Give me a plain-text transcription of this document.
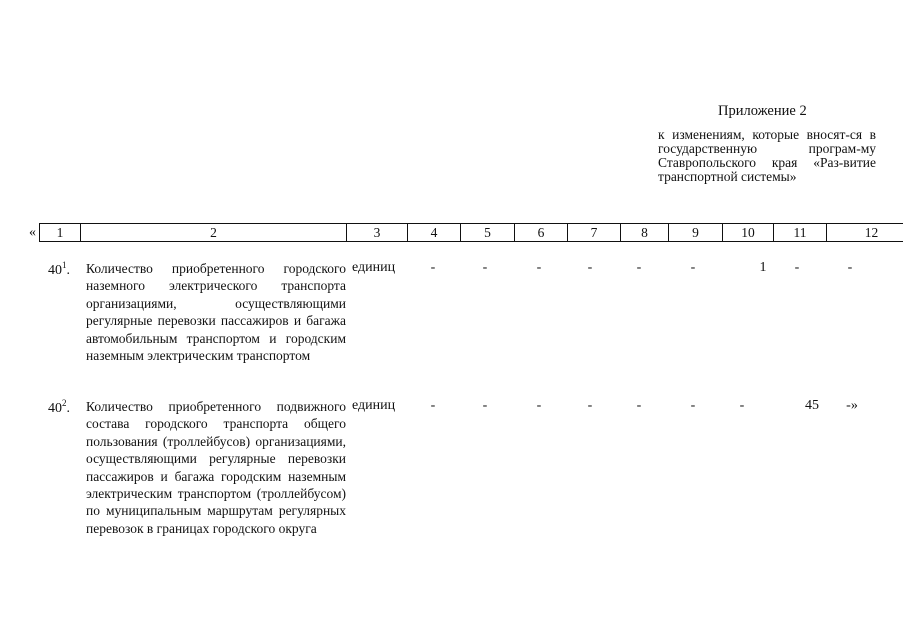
Приложение 2
к изменениям, которые вносят-ся в государственную програм-му Ставропольского края «Раз-витие транспортной системы»
« 1	2	3	4	5	6	7	8	9	10	11	12
$40^1$. Количество приобретенного городского наземного электрического транспорта организациями, осуществляющими регулярные перевозки пассажиров и багажа автомобильным транспортом и городским наземным электрическим транспортом
единиц	-	-	-	-	-	-	1	-	-
$40^2$. Количество приобретенного подвижного состава городского транспорта общего пользования (троллейбусов) организациями, осуществляющими регулярные перевозки пассажиров и багажа городским наземным электрическим транспортом (троллейбусом) по муниципальным маршрутам регулярных перевозок в границах городского округа
единиц	-	-	-	-	-	-	-	45	-»
